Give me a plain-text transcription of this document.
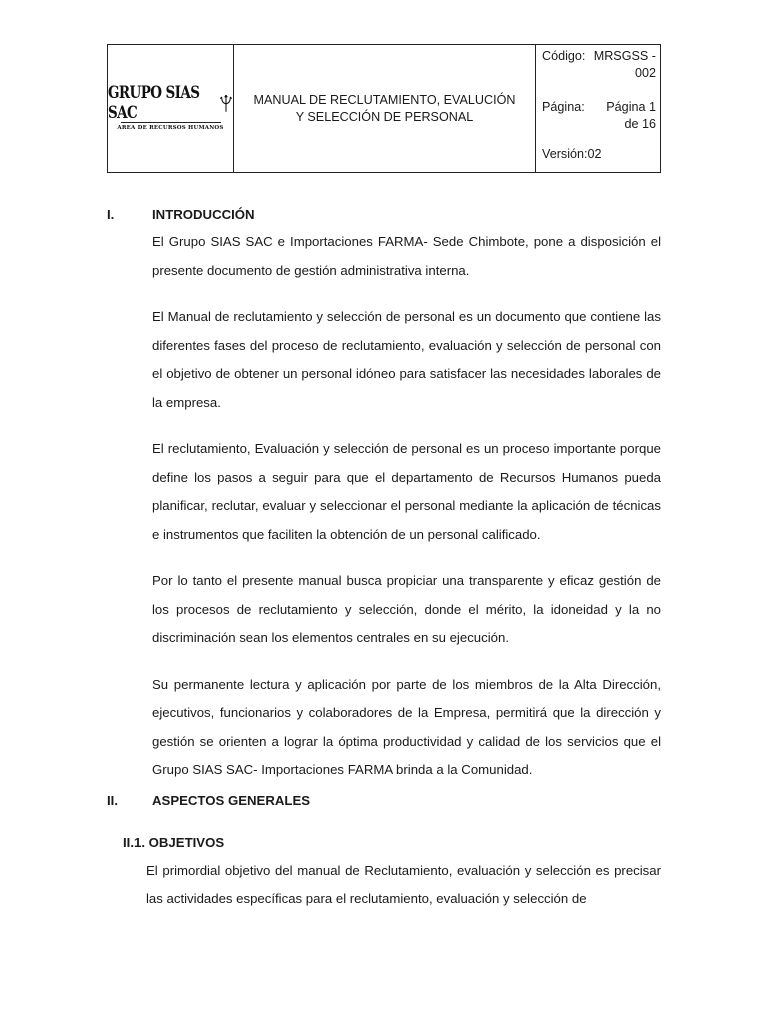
GRUPO SIAS SAC
AREA DE RECURSOS HUMANOS
MANUAL DE RECLUTAMIENTO, EVALUCIÓN Y SELECCIÓN DE PERSONAL
Código: MRSGSS - 002
Página:	Página 1 de 16
Versión:02
I.	INTRODUCCIÓN

El Grupo SIAS SAC e Importaciones FARMA- Sede Chimbote, pone a disposición el presente documento de gestión administrativa interna.

El Manual de reclutamiento y selección de personal es un documento que contiene las diferentes fases del proceso de reclutamiento, evaluación y selección de personal con el objetivo de obtener un personal idóneo para satisfacer las necesidades laborales de la empresa.

El reclutamiento, Evaluación y selección de personal es un proceso importante porque define los pasos a seguir para que el departamento de Recursos Humanos pueda planificar, reclutar, evaluar y seleccionar el personal mediante la aplicación de técnicas e instrumentos que faciliten la obtención de un personal calificado.

Por lo tanto el presente manual busca propiciar una transparente y eficaz gestión de los procesos de reclutamiento y selección, donde el mérito, la idoneidad y la no discriminación sean los elementos centrales en su ejecución.

Su permanente lectura y aplicación por parte de los miembros de la Alta Dirección, ejecutivos, funcionarios y colaboradores de la Empresa, permitirá que la dirección y gestión se orienten a lograr la óptima productividad y calidad de los servicios que el Grupo SIAS SAC- Importaciones FARMA brinda a la Comunidad.

II.	ASPECTOS GENERALES
II.1. OBJETIVOS

El primordial objetivo del manual de Reclutamiento, evaluación y selección es precisar las actividades específicas para el reclutamiento, evaluación y selección de
